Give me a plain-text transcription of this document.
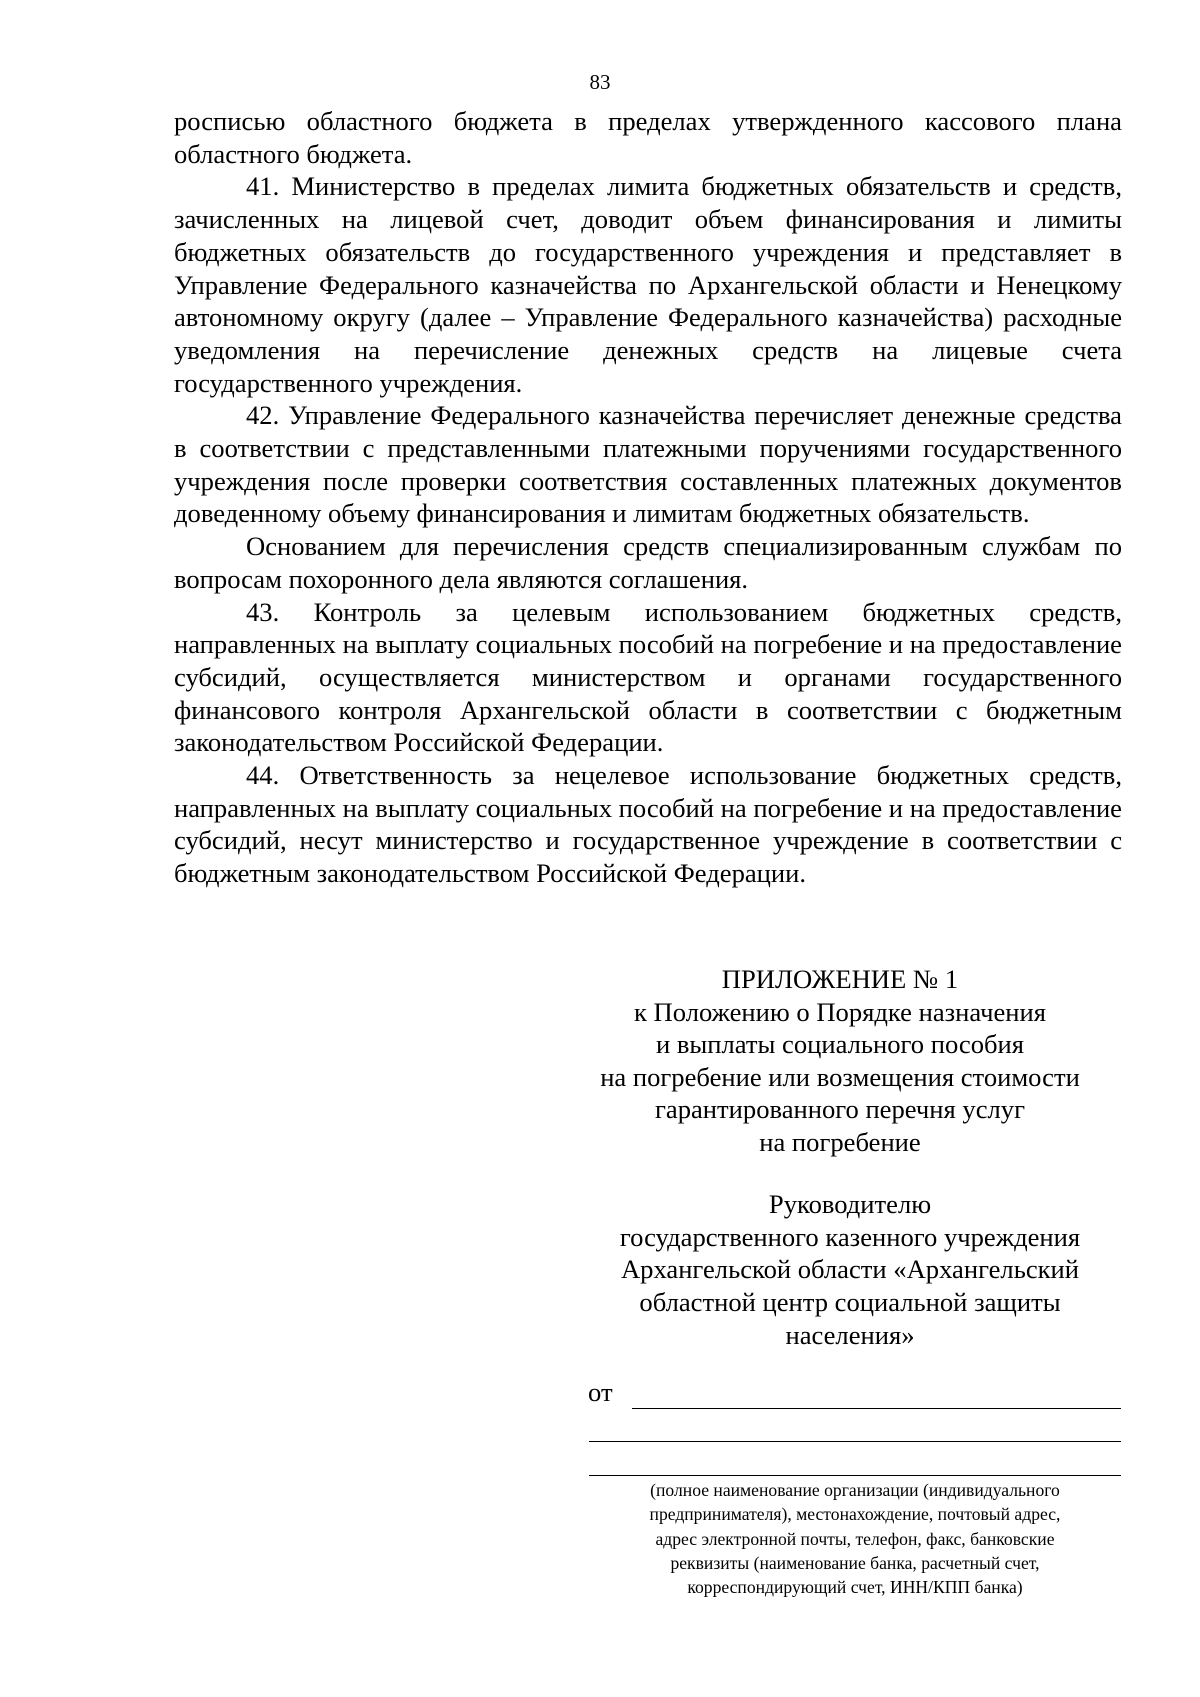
83

росписью областного бюджета в пределах утвержденного кассового плана областного бюджета.

41. Министерство в пределах лимита бюджетных обязательств и средств, зачисленных на лицевой счет, доводит объем финансирования и лимиты бюджетных обязательств до государственного учреждения и представляет в Управление Федерального казначейства по Архангельской области и Ненецкому автономному округу (далее – Управление Федерального казначейства) расходные уведомления на перечисление денежных средств на лицевые счета государственного учреждения.

42. Управление Федерального казначейства перечисляет денежные средства в соответствии с представленными платежными поручениями государственного учреждения после проверки соответствия составленных платежных документов доведенному объему финансирования и лимитам бюджетных обязательств.

Основанием для перечисления средств специализированным службам по вопросам похоронного дела являются соглашения.

43. Контроль за целевым использованием бюджетных средств, направленных на выплату социальных пособий на погребение и на предоставление субсидий, осуществляется министерством и органами государственного финансового контроля Архангельской области в соответствии с бюджетным законодательством Российской Федерации.

44. Ответственность за нецелевое использование бюджетных средств, направленных на выплату социальных пособий на погребение и на предоставление субсидий, несут министерство и государственное учреждение в соответствии с бюджетным законодательством Российской Федерации.

ПРИЛОЖЕНИЕ № 1
к Положению о Порядке назначения
и выплаты социального пособия
на погребение или возмещения стоимости
гарантированного перечня услуг
на погребение
Руководителю
государственного казенного учреждения
Архангельской области «Архангельский
областной центр социальной защиты
населения»
от
(полное наименование организации (индивидуального
предпринимателя), местонахождение, почтовый адрес,
адрес электронной почты, телефон, факс, банковские
реквизиты (наименование банка, расчетный счет,
корреспондирующий счет, ИНН/КПП банка)
